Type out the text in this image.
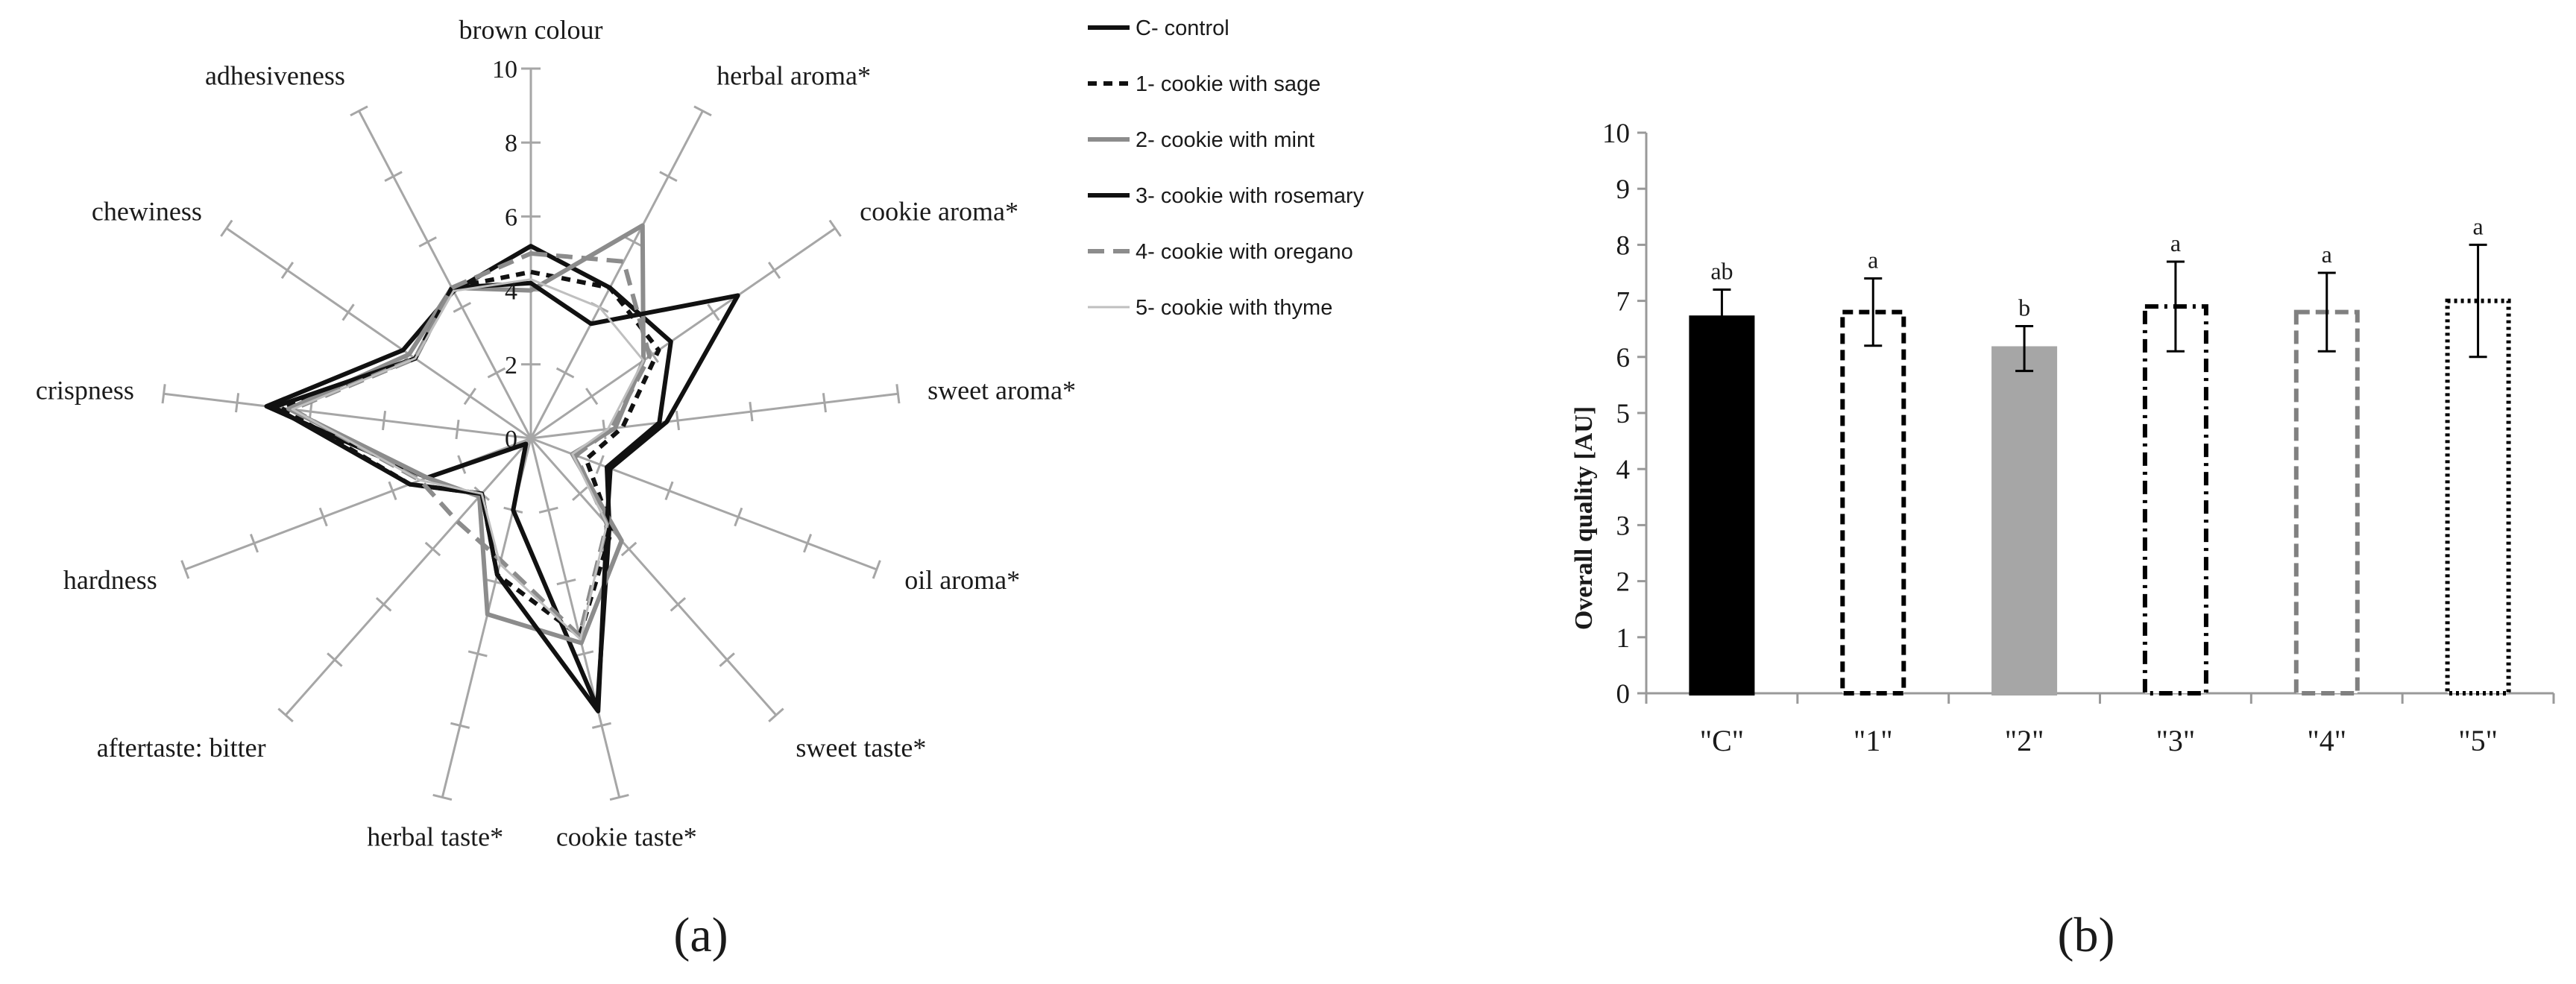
0
2
4
6
8
10
brown colour
herbal aroma*
cookie aroma*
sweet aroma*
oil aroma*
sweet taste*
cookie taste*
herbal taste*
aftertaste: bitter
hardness
crispness
chewiness
adhesiveness
C- control
1- cookie with sage
2- cookie with mint
3- cookie with rosemary
4- cookie with oregano
5- cookie with thyme
0
1
2
3
4
5
6
7
8
9
10
ab
"C"
a
"1"
b
"2"
a
"3"
a
"4"
a
"5"
Overall quality [AU]
(a)	(b)
